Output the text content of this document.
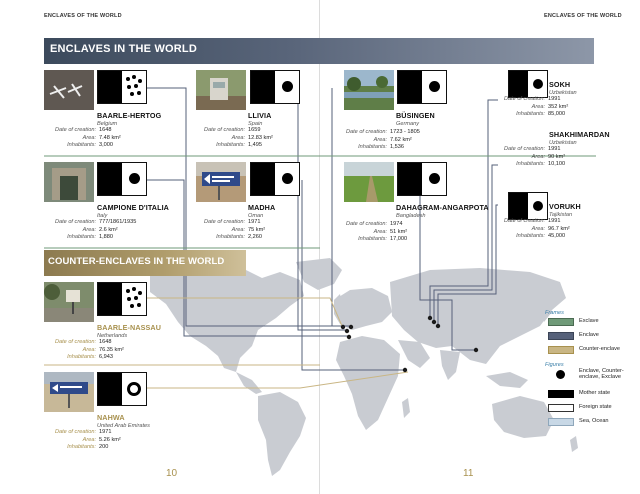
ENCLAVES OF THE WORLD	ENCLAVES OF THE WORLD
ENCLAVES IN THE WORLD
BAARLE-HERTOG
Belgium
Date of creation: 1648
Area: 7.48 km²
Inhabitants: 3,000
LLIVIA
Spain
Date of creation: 1659
Area: 12.83 km²
Inhabitants: 1,495
CAMPIONE D'ITALIA
Italy
Date of creation: 777/1861/1935
Area: 2.6 km²
Inhabitants: 1,880
MADHA
Oman
Date of creation: 1971
Area: 75 km²
Inhabitants: 2,260
BÜSINGEN
Germany
Date of creation: 1723 - 1805
Area: 7.62 km²
Inhabitants: 1,536
DAHAGRAM-ANGARPOTA
Bangladesh
Date of creation: 1974
Area: 51 km²
Inhabitants: 17,000
SOKH
Uzbekistan
Date of creation: 1991
Area: 352 km²
Inhabitants: 85,000
SHAKHIMARDAN
Uzbekistan
Date of creation: 1991
Area: 90 km²
Inhabitants: 10,100
VORUKH
Tajikistan
Date of creation: 1991
Area: 96.7 km²
Inhabitants: 45,000
COUNTER-ENCLAVES IN THE WORLD
BAARLE-NASSAU
Netherlands
Date of creation: 1648
Area: 76.35 km²
Inhabitants: 6,943
NAHWA
United Arab Emirates
Date of creation: 1971
Area: 5.26 km²
Inhabitants: 200
Frames
Exclave
Enclave
Counter-enclave
Figures
Enclave, Counter-enclave, Exclave
Mother state
Foreign state
Sea, Ocean
10	11
